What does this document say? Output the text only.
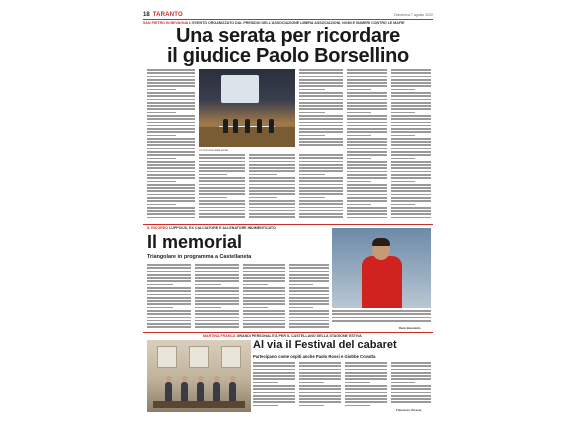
18 TARANTO	Domenica 7 agosto 2022
SAN PIETRO IN BEVAGNA L'EVENTO ORGANIZZATO DAL PRESIDIO DELL'ASSOCIAZIONE LIBERA ASSOCIAZIONI, NOMI E NUMERI CONTRO LE MAFIE
Una serata per ricordare
il giudice Paolo Borsellino
Un momento della serata
IL RICORDO LUPPOLIS, EX CALCIATORE E ALLENATORE INDIMENTICATO
Il memorial
Triangolare in programma a Castellaneta
Dario Benedetto
MARTINA FRANCA GRANDI PERSONALITÀ PER IL CASTELLANO DELLA STAGIONE ESTIVA
Al via il Festival del cabaret
Partecipano come ospiti anche Paolo Rossi e Giobbe Covatta
Francesco Vessere
